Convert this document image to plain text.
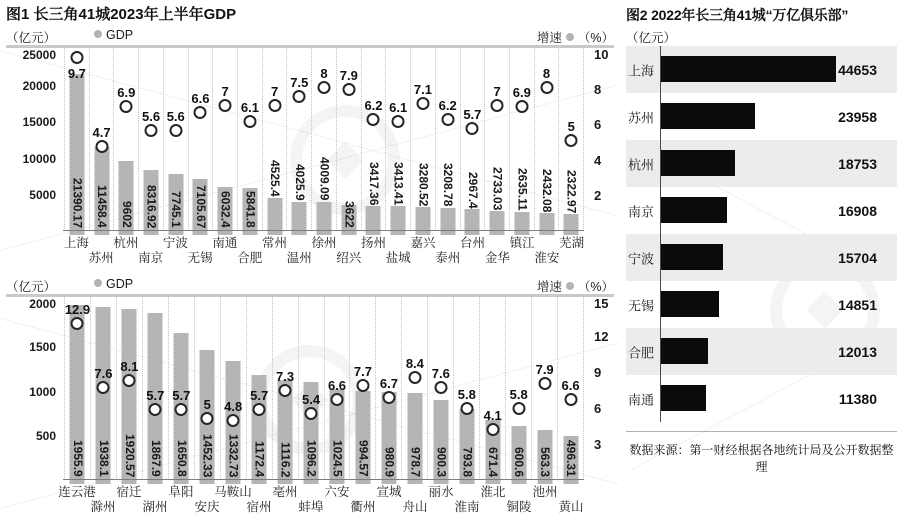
图1 长三角41城2023年上半年GDP
（亿元）	GDP	增速 （%）
25000
20000
15000
10000
5000 21390.17
9.7
11458.4
4.7
9602
6.9
8316.92
5.6
7745.1
5.6
7105.67
6.6
6032.4
7
5841.8
6.1
4525.4
7
4025.9
7.5
4009.09
8
3622
7.9
3417.36
6.2
3413.41
6.1
3280.52
7.1
3208.78
6.2
2967.4
5.7
2733.03
7
2635.11
6.9
2432.08
8
2322.97
5
10
8
6
4
2
上海
苏州
杭州
南京
宁波
无锡
南通
合肥
常州
温州
徐州
绍兴
扬州
盐城
嘉兴
泰州
台州
金华
镇江
淮安
芜湖
（亿元）	GDP	增速 （%）
2000
1500
1000
500
1955.9
12.9
1938.1
7.6
1920.57
8.1
1867.9
5.7
1650.8
5.7
1452.33
5
1332.73
4.8
1172.4
5.7
1116.2
7.3
1096.2
5.4
1024.5
6.6
994.57
7.7
980.9
6.7
978.7
8.4
900.3
7.6
793.8
5.8
671.4
4.1
600.6
5.8
563.3
7.9
496.31
6.6
15
12
9
6
3
连云港
滁州
宿迁
湖州
阜阳
安庆
马鞍山
宿州
亳州
蚌埠
六安
衢州
宣城
舟山
丽水
淮南
淮北
铜陵
池州
黄山
图2 2022年长三角41城“万亿俱乐部”
（亿元）
上海	44653
苏州	23958
杭州	18753
南京	16908
宁波	15704
无锡	14851
合肥	12013
南通	11380
数据来源：第一财经根据各地统计局及公开数据整理
